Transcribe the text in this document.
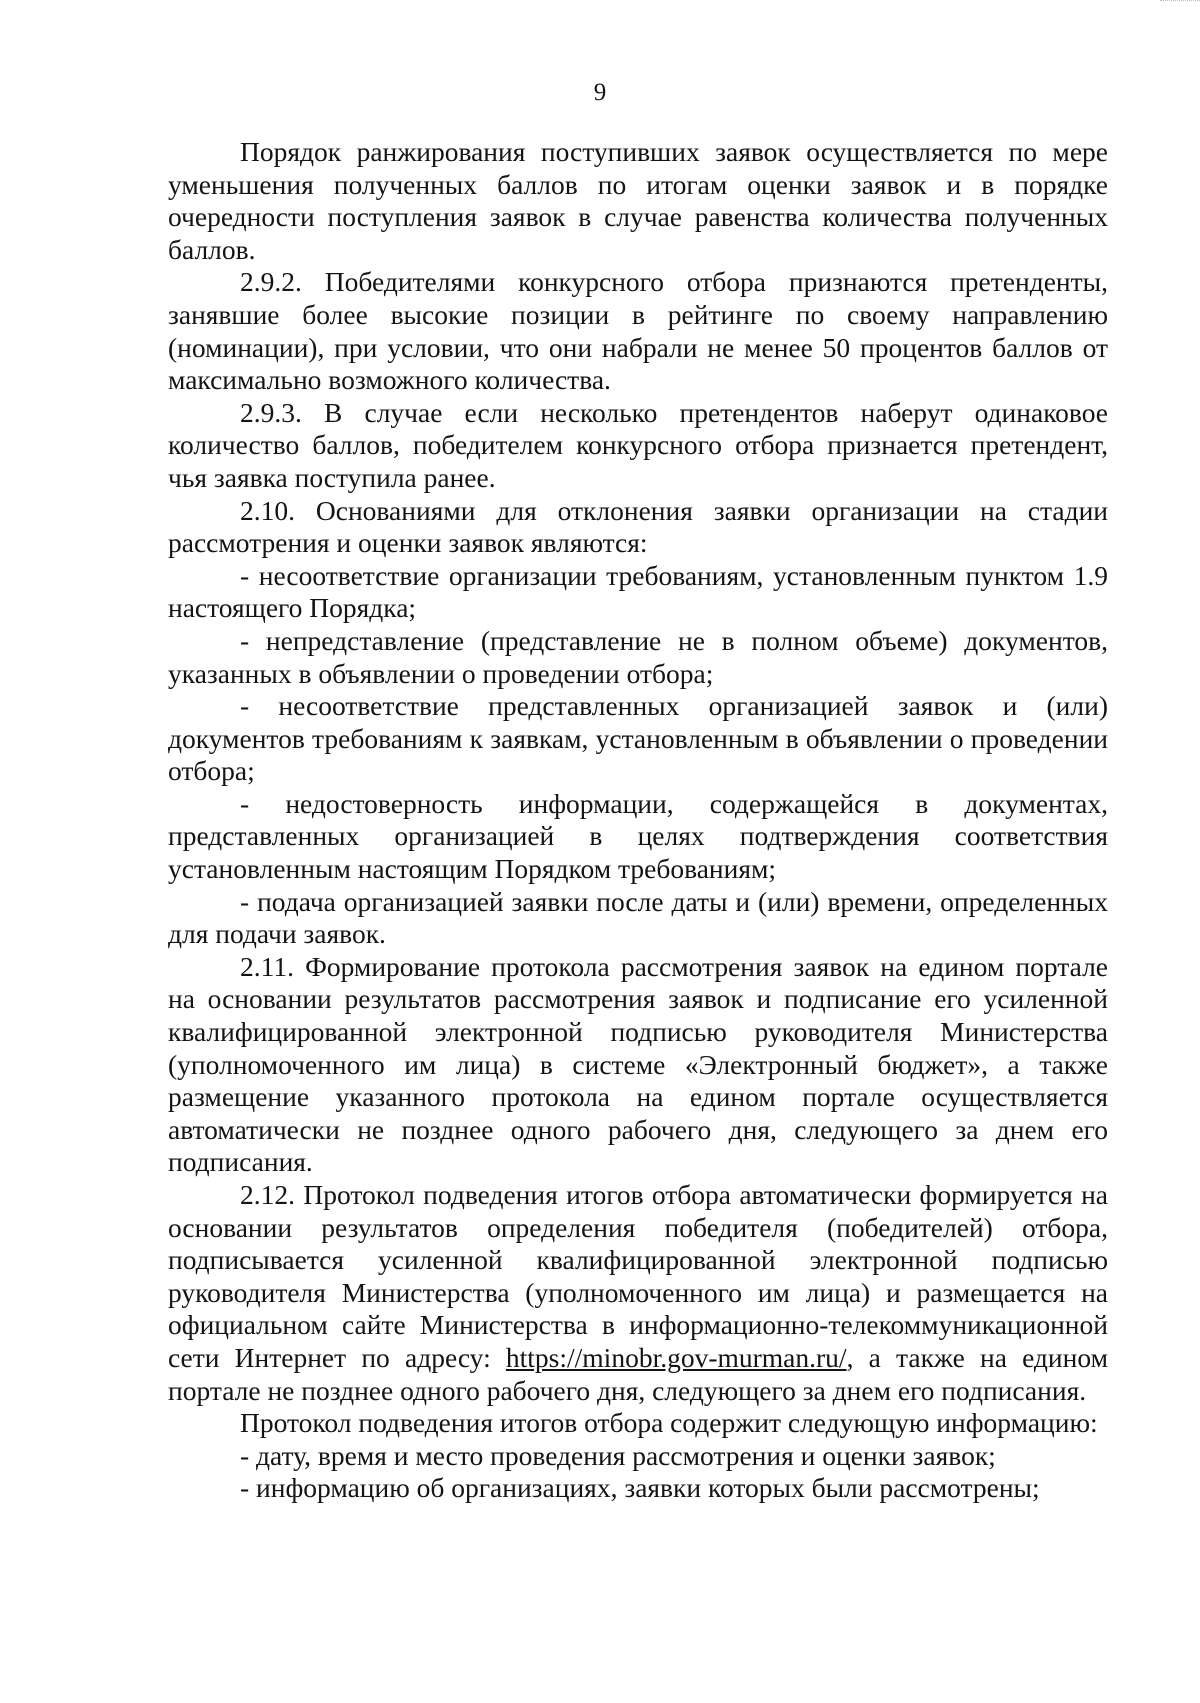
9

Порядок ранжирования поступивших заявок осуществляется по мере уменьшения полученных баллов по итогам оценки заявок и в порядке очередности поступления заявок в случае равенства количества полученных баллов.

2.9.2. Победителями конкурсного отбора признаются претенденты, занявшие более высокие позиции в рейтинге по своему направлению (номинации), при условии, что они набрали не менее 50 процентов баллов от максимально возможного количества.

2.9.3. В случае если несколько претендентов наберут одинаковое количество баллов, победителем конкурсного отбора признается претендент, чья заявка поступила ранее.

2.10. Основаниями для отклонения заявки организации на стадии рассмотрения и оценки заявок являются:

- несоответствие организации требованиям, установленным пунктом 1.9 настоящего Порядка;

- непредставление (представление не в полном объеме) документов, указанных в объявлении о проведении отбора;

- несоответствие представленных организацией заявок и (или) документов требованиям к заявкам, установленным в объявлении о проведении отбора;

- недостоверность информации, содержащейся в документах, представленных организацией в целях подтверждения соответствия установленным настоящим Порядком требованиям;

- подача организацией заявки после даты и (или) времени, определенных для подачи заявок.

2.11. Формирование протокола рассмотрения заявок на едином портале на основании результатов рассмотрения заявок и подписание его усиленной квалифицированной электронной подписью руководителя Министерства (уполномоченного им лица) в системе «Электронный бюджет», а также размещение указанного протокола на едином портале осуществляется автоматически не позднее одного рабочего дня, следующего за днем его подписания.

2.12. Протокол подведения итогов отбора автоматически формируется на основании результатов определения победителя (победителей) отбора, подписывается усиленной квалифицированной электронной подписью руководителя Министерства (уполномоченного им лица) и размещается на официальном сайте Министерства в информационно-телекоммуникационной сети Интернет по адресу: https://minobr.gov-murman.ru/, а также на едином портале не позднее одного рабочего дня, следующего за днем его подписания.

Протокол подведения итогов отбора содержит следующую информацию:

- дату, время и место проведения рассмотрения и оценки заявок;

- информацию об организациях, заявки которых были рассмотрены;
